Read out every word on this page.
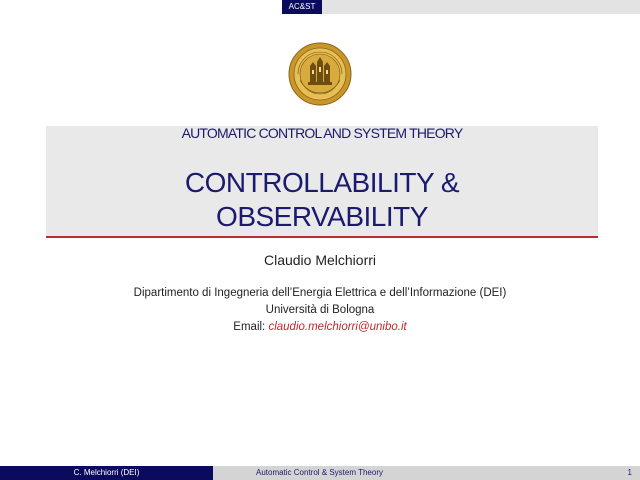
AC&ST
AUTOMATIC CONTROL AND SYSTEM THEORY
CONTROLLABILITY &
OBSERVABILITY
Claudio Melchiorri
Dipartimento di Ingegneria dell’Energia Elettrica e dell’Informazione (DEI)
Università di Bologna
Email: claudio.melchiorri@unibo.it
C. Melchiorri (DEI)	Automatic Control & System Theory	1
